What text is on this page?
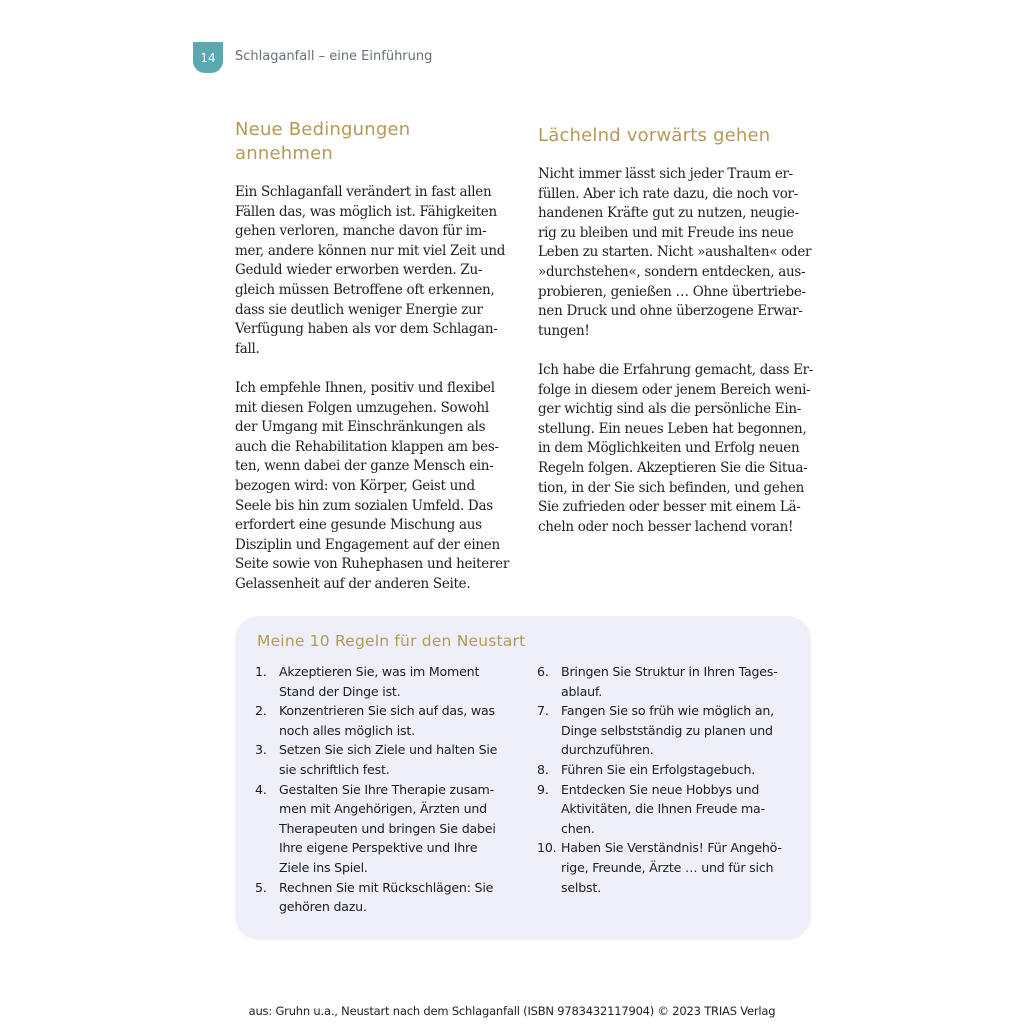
14 Schlaganfall – eine Einführung
Neue Bedingungen
annehmen

Ein Schlaganfall verändert in fast allen
Fällen das, was möglich ist. Fähigkeiten
gehen verloren, manche davon für im-
mer, andere können nur mit viel Zeit und
Geduld wieder erworben werden. Zu-
gleich müssen Betroffene oft erkennen,
dass sie deutlich weniger Energie zur
Verfügung haben als vor dem Schlagan-
fall.

Ich empfehle Ihnen, positiv und flexibel
mit diesen Folgen umzugehen. Sowohl
der Umgang mit Einschränkungen als
auch die Rehabilitation klappen am bes-
ten, wenn dabei der ganze Mensch ein-
bezogen wird: von Körper, Geist und
Seele bis hin zum sozialen Umfeld. Das
erfordert eine gesunde Mischung aus
Disziplin und Engagement auf der einen
Seite sowie von Ruhephasen und heiterer
Gelassenheit auf der anderen Seite.

Lächelnd vorwärts gehen

Nicht immer lässt sich jeder Traum er-
füllen. Aber ich rate dazu, die noch vor-
handenen Kräfte gut zu nutzen, neugie-
rig zu bleiben und mit Freude ins neue
Leben zu starten. Nicht »aushalten« oder
»durchstehen«, sondern entdecken, aus-
probieren, genießen … Ohne übertriebe-
nen Druck und ohne überzogene Erwar-
tungen!

Ich habe die Erfahrung gemacht, dass Er-
folge in diesem oder jenem Bereich weni-
ger wichtig sind als die persönliche Ein-
stellung. Ein neues Leben hat begonnen,
in dem Möglichkeiten und Erfolg neuen
Regeln folgen. Akzeptieren Sie die Situa-
tion, in der Sie sich befinden, und gehen
Sie zufrieden oder besser mit einem Lä-
cheln oder noch besser lachend voran!

Meine 10 Regeln für den Neustart
1. Akzeptieren Sie, was im Moment
Stand der Dinge ist.
2. Konzentrieren Sie sich auf das, was
noch alles möglich ist.
3. Setzen Sie sich Ziele und halten Sie
sie schriftlich fest.
4. Gestalten Sie Ihre Therapie zusam-
men mit Angehörigen, Ärzten und
Therapeuten und bringen Sie dabei
Ihre eigene Perspektive und Ihre
Ziele ins Spiel.
5. Rechnen Sie mit Rückschlägen: Sie
gehören dazu.
6. Bringen Sie Struktur in Ihren Tages-
ablauf.
7. Fangen Sie so früh wie möglich an,
Dinge selbstständig zu planen und
durchzuführen.
8. Führen Sie ein Erfolgstagebuch.
9. Entdecken Sie neue Hobbys und
Aktivitäten, die Ihnen Freude ma-
chen.
10. Haben Sie Verständnis! Für Angehö-
rige, Freunde, Ärzte … und für sich
selbst.
aus: Gruhn u.a., Neustart nach dem Schlaganfall (ISBN 9783432117904) © 2023 TRIAS Verlag
